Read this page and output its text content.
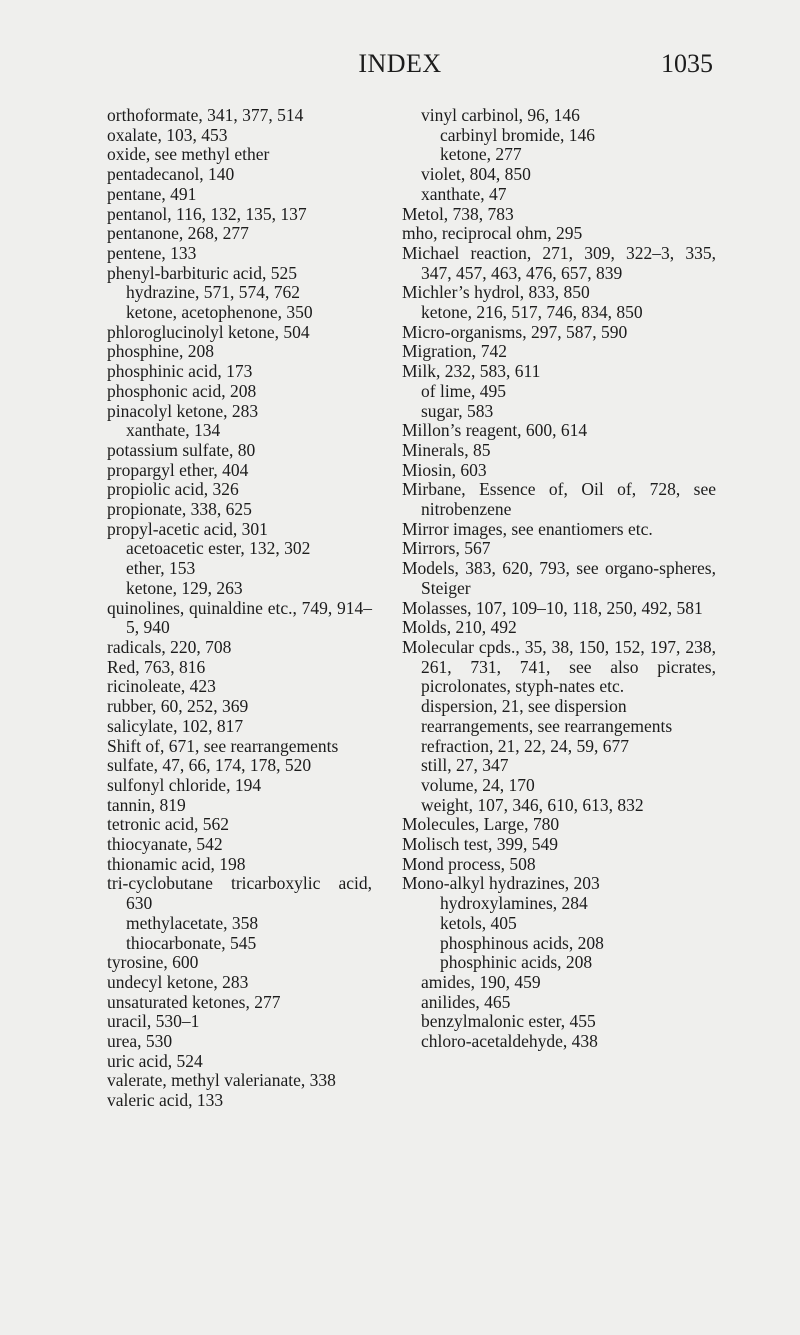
INDEX	1035
orthoformate, 341, 377, 514
oxalate, 103, 453
oxide, see methyl ether
pentadecanol, 140
pentane, 491
pentanol, 116, 132, 135, 137
pentanone, 268, 277
pentene, 133
phenyl-barbituric acid, 525
hydrazine, 571, 574, 762
ketone, acetophenone, 350
phloroglucinolyl ketone, 504
phosphine, 208
phosphinic acid, 173
phosphonic acid, 208
pinacolyl ketone, 283
xanthate, 134
potassium sulfate, 80
propargyl ether, 404
propiolic acid, 326
propionate, 338, 625
propyl-acetic acid, 301
acetoacetic ester, 132, 302
ether, 153
ketone, 129, 263
quinolines, quinaldine etc., 749, 914–5, 940
radicals, 220, 708
Red, 763, 816
ricinoleate, 423
rubber, 60, 252, 369
salicylate, 102, 817
Shift of, 671, see rearrangements
sulfate, 47, 66, 174, 178, 520
sulfonyl chloride, 194
tannin, 819
tetronic acid, 562
thiocyanate, 542
thionamic acid, 198
tri-cyclobutane tricarboxylic acid, 630
methylacetate, 358
thiocarbonate, 545
tyrosine, 600
undecyl ketone, 283
unsaturated ketones, 277
uracil, 530–1
urea, 530
uric acid, 524
valerate, methyl valerianate, 338
valeric acid, 133
vinyl carbinol, 96, 146
carbinyl bromide, 146
ketone, 277
violet, 804, 850
xanthate, 47
Metol, 738, 783
mho, reciprocal ohm, 295
Michael reaction, 271, 309, 322–3, 335, 347, 457, 463, 476, 657, 839
Michler’s hydrol, 833, 850
ketone, 216, 517, 746, 834, 850
Micro-organisms, 297, 587, 590
Migration, 742
Milk, 232, 583, 611
of lime, 495
sugar, 583
Millon’s reagent, 600, 614
Minerals, 85
Miosin, 603
Mirbane, Essence of, Oil of, 728, see nitrobenzene
Mirror images, see enantiomers etc.
Mirrors, 567
Models, 383, 620, 793, see organo-spheres, Steiger
Molasses, 107, 109–10, 118, 250, 492, 581
Molds, 210, 492
Molecular cpds., 35, 38, 150, 152, 197, 238, 261, 731, 741, see also picrates, picrolonates, styph-nates etc.
dispersion, 21, see dispersion
rearrangements, see rearrangements
refraction, 21, 22, 24, 59, 677
still, 27, 347
volume, 24, 170
weight, 107, 346, 610, 613, 832
Molecules, Large, 780
Molisch test, 399, 549
Mond process, 508
Mono-alkyl hydrazines, 203
hydroxylamines, 284
ketols, 405
phosphinous acids, 208
phosphinic acids, 208
amides, 190, 459
anilides, 465
benzylmalonic ester, 455
chloro-acetaldehyde, 438
